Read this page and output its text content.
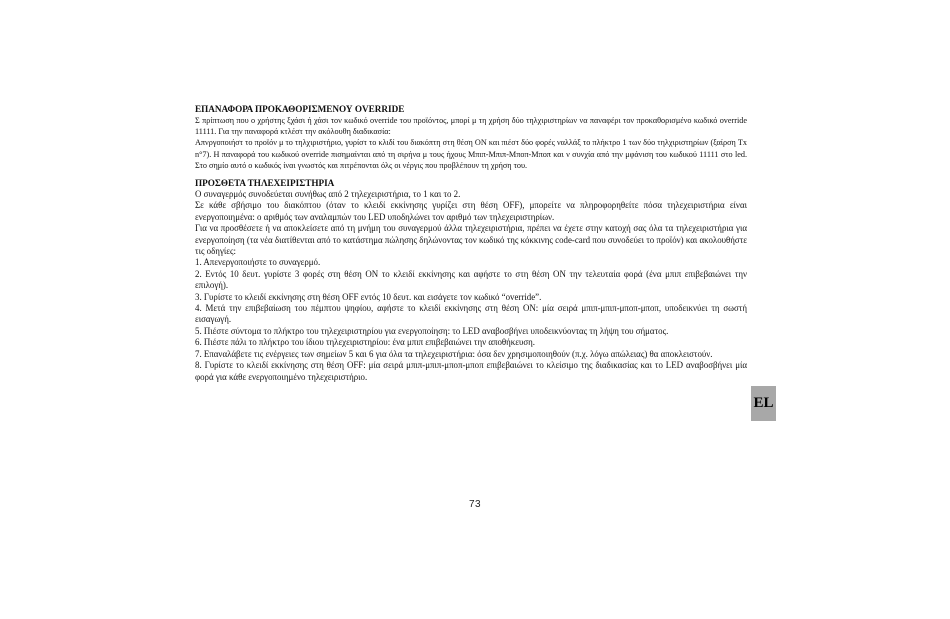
ΕΠΑΝΑΦΟΡΑ ΠΡΟΚΑΘΟΡΙΣΜΕΝΟΥ OVERRIDE

Σ πρίπτωση που ο χρήστης ξχάσι ή χάσι τον κωδικό override του προϊόντος, μπορί μ τη χρήση δύο τηλχιριστηρίων να παναφέρι τον προκαθορισμένο κωδικό override 11111. Για την παναφορά κτλέστ την ακόλουθη διαδικασία:

Απνργοποιήστ το προϊόν μ το τηλχιριστήριο, γυρίστ το κλιδί του διακόπτη στη θέση ON και πιέστ δύο φορές ναλλάξ το πλήκτρο 1 των δύο τηλχιριστηρίων (ξαίρση Tx n°7). Η παναφορά του κωδικού override πισημαίνται από τη σιρήνα μ τους ήχους Μπιπ-Μπιπ-Μποπ-Μποπ και ν συνχία από την μφάνιση του κωδικού 11111 στο led. Στο σημίο αυτό ο κωδικός ίναι γνωστός και πιτρέπονται όλς οι νέργις που προβλέπουν τη χρήση του.

ΠΡΟΣΘΕΤΑ ΤΗΛΕΧΕΙΡΙΣΤΗΡΙΑ

Ο συναγερμός συνοδεύεται συνήθως από 2 τηλεχειριστήρια, το 1 και το 2.

Σε κάθε σβήσιμο του διακόπτου (όταν το κλειδί εκκίνησης γυρίζει στη θέση OFF), μπορείτε να πληροφορηθείτε πόσα τηλεχειριστήρια είναι ενεργοποιημένα: ο αριθμός των αναλαμπών του LED υποδηλώνει τον αριθμό των τηλεχειριστηρίων.

Για να προσθέσετε ή να αποκλείσετε από τη μνήμη του συναγερμού άλλα τηλεχειριστήρια, πρέπει να έχετε στην κατοχή σας όλα τα τηλεχειριστήρια για ενεργοποίηση (τα νέα διατίθενται από το κατάστημα πώλησης δηλώνοντας τον κωδικό της κόκκινης code-card που συνοδεύει το προϊόν) και ακολουθήστε τις οδηγίες:

1. Απενεργοποιήστε το συναγερμό.

2. Εντός 10 δευτ. γυρίστε 3 φορές στη θέση ON το κλειδί εκκίνησης και αφήστε το στη θέση ON την τελευταία φορά (ένα μπιπ επιβεβαιώνει την επιλογή).

3. Γυρίστε το κλειδί εκκίνησης στη θέση OFF εντός 10 δευτ. και εισάγετε τον κωδικό “override”.

4. Μετά την επιβεβαίωση του πέμπτου ψηφίου, αφήστε το κλειδί εκκίνησης στη θέση ON: μία σειρά μπιπ-μπιπ-μποπ-μποπ, υποδεικνύει τη σωστή εισαγωγή.

5. Πιέστε σύντομα το πλήκτρο του τηλεχειριστηρίου για ενεργοποίηση: το LED αναβοσβήνει υποδεικνύοντας τη λήψη του σήματος.

6. Πιέστε πάλι το πλήκτρο του ίδιου τηλεχειριστηρίου: ένα μπιπ επιβεβαιώνει την αποθήκευση.

7. Επαναλάβετε τις ενέργειες των σημείων 5 και 6 για όλα τα τηλεχειριστήρια: όσα δεν χρησιμοποιηθούν (π.χ. λόγω απώλειας) θα αποκλειστούν.

8. Γυρίστε το κλειδί εκκίνησης στη θέση OFF: μία σειρά μπιπ-μπιπ-μποπ-μποπ επιβεβαιώνει το κλείσιμο της διαδικασίας και το LED αναβοσβήνει μία φορά για κάθε ενεργοποιημένο τηλεχειριστήριο.

EL
73
